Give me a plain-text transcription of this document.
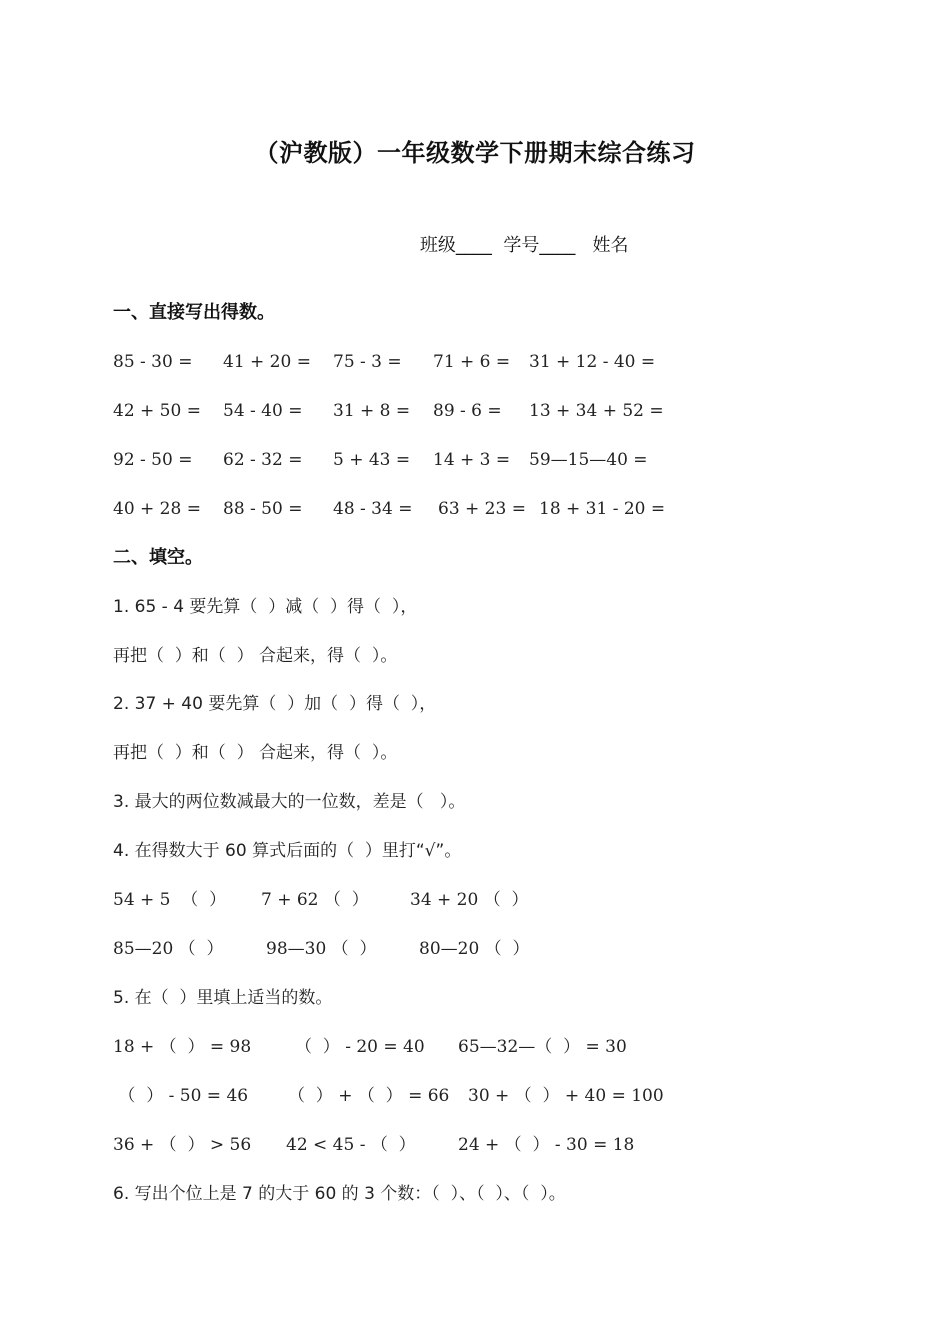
（沪教版）一年级数学下册期末综合练习

班级____ 学号____ 姓名

一、直接写出得数。
85 - 30 = 41 + 20 = 75 - 3 = 71 + 6 = 31 + 12 - 40 =
42 + 50 = 54 - 40 = 31 + 8 = 89 - 6 = 13 + 34 + 52 =
92 - 50 = 62 - 32 = 5 + 43 = 14 + 3 = 59—15—40 =
40 + 28 = 88 - 50 = 48 - 34 = 63 + 23 = 18 + 31 - 20 =
二、填空。
1. 65 - 4 要先算（  ）减（  ）得（  ），
再把（  ）和（  ） 合起来，得（  ）。
2. 37 + 40 要先算（  ）加（  ）得（  ），
再把（  ）和（  ） 合起来，得（  ）。
3. 最大的两位数减最大的一位数，差是（   ）。
4. 在得数大于 60 算式后面的（  ）里打“√”。
54 + 5  （  ） 7 + 62 （  ） 34 + 20 （  ）
85—20 （  ）	98—30 （  ）	80—20 （  ）
5. 在（  ）里填上适当的数。
18 + （  ） = 98	（  ） - 20 = 40 65—32—（  ） = 30
（  ） - 50 = 46 （  ） + （  ） = 66 30 + （  ） + 40 = 100
36 + （  ） > 56 42 < 45 - （  ） 24 + （  ） - 30 = 18
6. 写出个位上是 7 的大于 60 的 3 个数：（  ）、（  ）、（  ）。
